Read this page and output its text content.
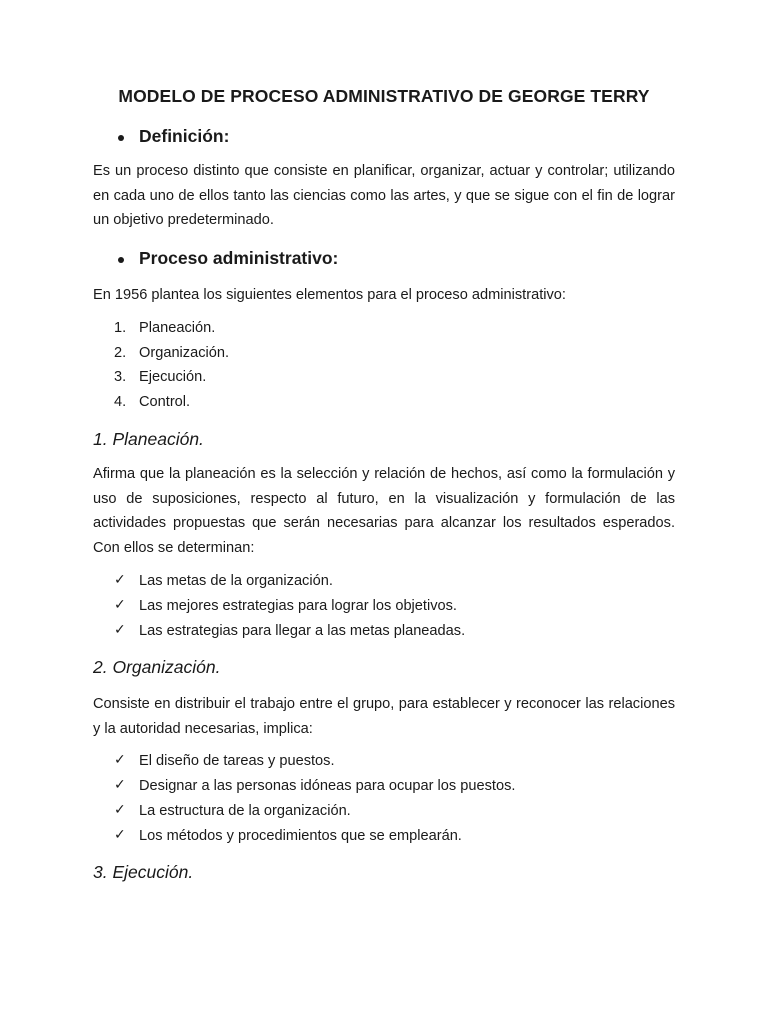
MODELO DE PROCESO ADMINISTRATIVO DE GEORGE TERRY
Definición:

Es un proceso distinto que consiste en planificar, organizar, actuar y controlar; utilizando en cada uno de ellos tanto las ciencias como las artes, y que se sigue con el fin de lograr un objetivo predeterminado.

Proceso administrativo:

En 1956 plantea los siguientes elementos para el proceso administrativo:

1. Planeación.
2. Organización.
3. Ejecución.
4. Control.
1. Planeación.

Afirma que la planeación es la selección y relación de hechos, así como la formulación y uso de suposiciones, respecto al futuro, en la visualización y formulación de las actividades propuestas que serán necesarias para alcanzar los resultados esperados. Con ellos se determinan:

✓ Las metas de la organización.
✓ Las mejores estrategias para lograr los objetivos.
✓ Las estrategias para llegar a las metas planeadas.
2. Organización.

Consiste en distribuir el trabajo entre el grupo, para establecer y reconocer las relaciones y la autoridad necesarias, implica:

✓ El diseño de tareas y puestos.
✓ Designar a las personas idóneas para ocupar los puestos.
✓ La estructura de la organización.
✓ Los métodos y procedimientos que se emplearán.
3. Ejecución.
